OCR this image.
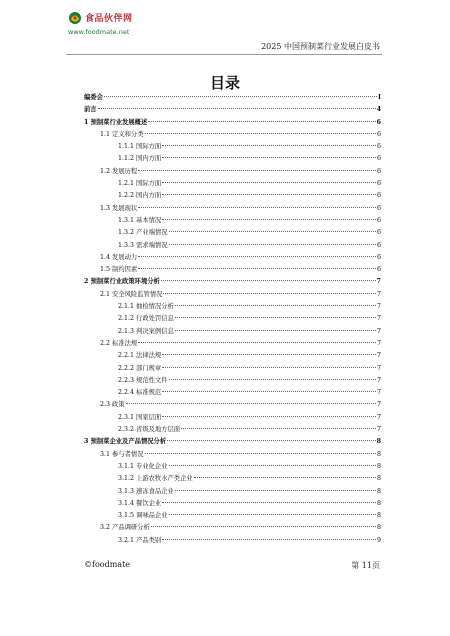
食品伙伴网
www.foodmate.net
2025 中国预制菜行业发展白皮书
目录
编委会	I
前言	4
1 预制菜行业发展概述	6
1.1 定义和分类	6
1.1.1 国际方面	6
1.1.2 国内方面	6
1.2 发展历程	6
1.2.1 国际方面	6
1.2.2 国内方面	6
1.3 发展现状	6
1.3.1 基本情况	6
1.3.2 产业端情况	6
1.3.3 需求端情况	6
1.4 发展动力	6
1.5 制约因素	6
2 预制菜行业政策环境分析	7
2.1 安全风险监管情况	7
2.1.1 抽检情况分析	7
2.1.2 行政处罚信息	7
2.1.3 判决案例信息	7
2.2 标准法规	7
2.2.1 法律法规	7
2.2.2 部门规章	7
2.2.3 规范性文件	7
2.2.4 标准规范	7
2.3 政策	7
2.3.1 国家层面	7
2.3.2 省级及地方层面	7
3 预制菜企业及产品情况分析	8
3.1 参与者情况	8
3.1.1 专业化企业	8
3.1.2 上游农牧水产类企业	8
3.1.3 速冻食品企业	8
3.1.4 餐饮企业	8
3.1.5 调味品企业	8
3.2 产品调研分析	8
3.2.1 产品类别	9
©foodmate	第 11页
